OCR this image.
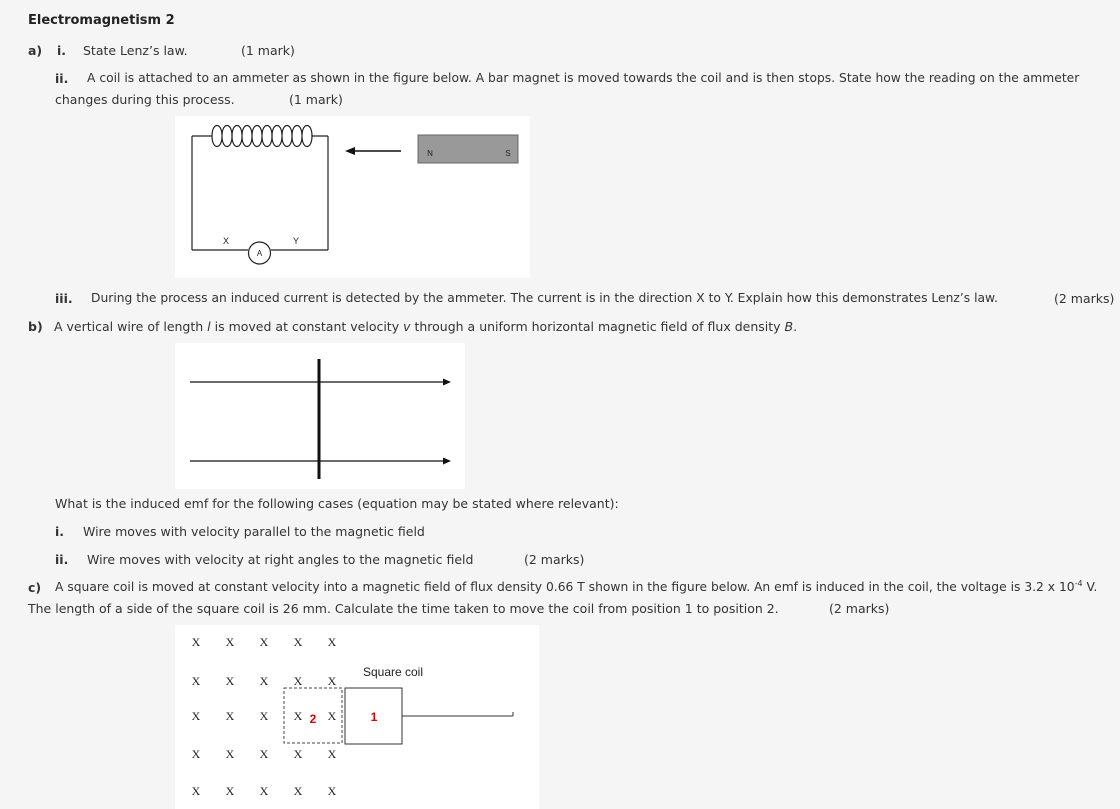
Electromagnetism 2
a) i. State Lenz’s law.	(1 mark)
ii. A coil is attached to an ammeter as shown in the figure below. A bar magnet is moved towards the coil and is then stops. State how the reading on the ammeter
changes during this process.	(1 mark)
A
X	Y
N	S
iii. During the process an induced current is detected by the ammeter. The current is in the direction X to Y. Explain how this demonstrates Lenz’s law.	(2 marks)
b) A vertical wire of length l is moved at constant velocity v through a uniform horizontal magnetic field of flux density B.
What is the induced emf for the following cases (equation may be stated where relevant):
i. Wire moves with velocity parallel to the magnetic field
ii. Wire moves with velocity at right angles to the magnetic field	(2 marks)
c) A square coil is moved at constant velocity into a magnetic field of flux density 0.66 T shown in the figure below. An emf is induced in the coil, the voltage is 3.2 x $10^{-4}$ V.
The length of a side of the square coil is 26 mm. Calculate the time taken to move the coil from position 1 to position 2.	(2 marks)
X X X X X
X X X X X
X X X X X
X X X X X
X X X X X
2	1
Square coil
